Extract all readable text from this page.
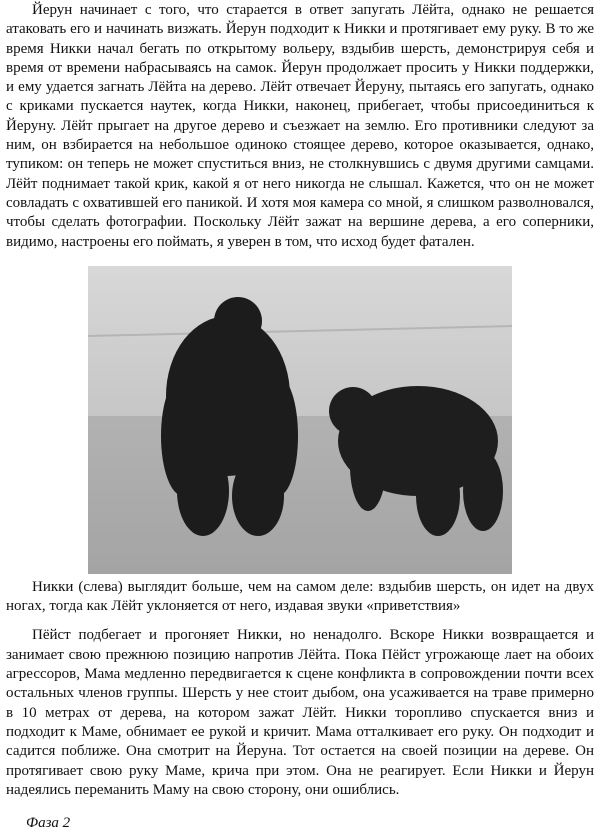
Йерун начинает с того, что старается в ответ запугать Лёйта, однако не решается атаковать его и начинать визжать. Йерун подходит к Никки и протягивает ему руку. В то же время Никки начал бегать по открытому вольеру, вздыбив шерсть, демонстрируя себя и время от времени набрасываясь на самок. Йерун продолжает просить у Никки поддержки, и ему удается загнать Лёйта на дерево. Лёйт отвечает Йеруну, пытаясь его запугать, однако с криками пускается наутек, когда Никки, наконец, прибегает, чтобы присоединиться к Йеруну. Лёйт прыгает на другое дерево и съезжает на землю. Его противники следуют за ним, он взбирается на небольшое одиноко стоящее дерево, которое оказывается, однако, тупиком: он теперь не может спуститься вниз, не столкнувшись с двумя другими самцами. Лёйт поднимает такой крик, какой я от него никогда не слышал. Кажется, что он не может совладать с охватившей его паникой. И хотя моя камера со мной, я слишком разволновался, чтобы сделать фотографии. Поскольку Лёйт зажат на вершине дерева, а его соперники, видимо, настроены его поймать, я уверен в том, что исход будет фатален.

Никки (слева) выглядит больше, чем на самом деле: вздыбив шерсть, он идет на двух ногах, тогда как Лёйт уклоняется от него, издавая звуки «приветствия»

Пёйст подбегает и прогоняет Никки, но ненадолго. Вскоре Никки возвращается и занимает свою прежнюю позицию напротив Лёйта. Пока Пёйст угрожающе лает на обоих агрессоров, Мама медленно передвигается к сцене конфликта в сопровождении почти всех остальных членов группы. Шерсть у нее стоит дыбом, она усаживается на траве примерно в 10 метрах от дерева, на котором зажат Лёйт. Никки торопливо спускается вниз и подходит к Маме, обнимает ее рукой и кричит. Мама отталкивает его руку. Он подходит и садится поближе. Она смотрит на Йеруна. Тот остается на своей позиции на дереве. Он протягивает свою руку Маме, крича при этом. Она не реагирует. Если Никки и Йерун надеялись переманить Маму на свою сторону, они ошиблись.

Фаза 2
